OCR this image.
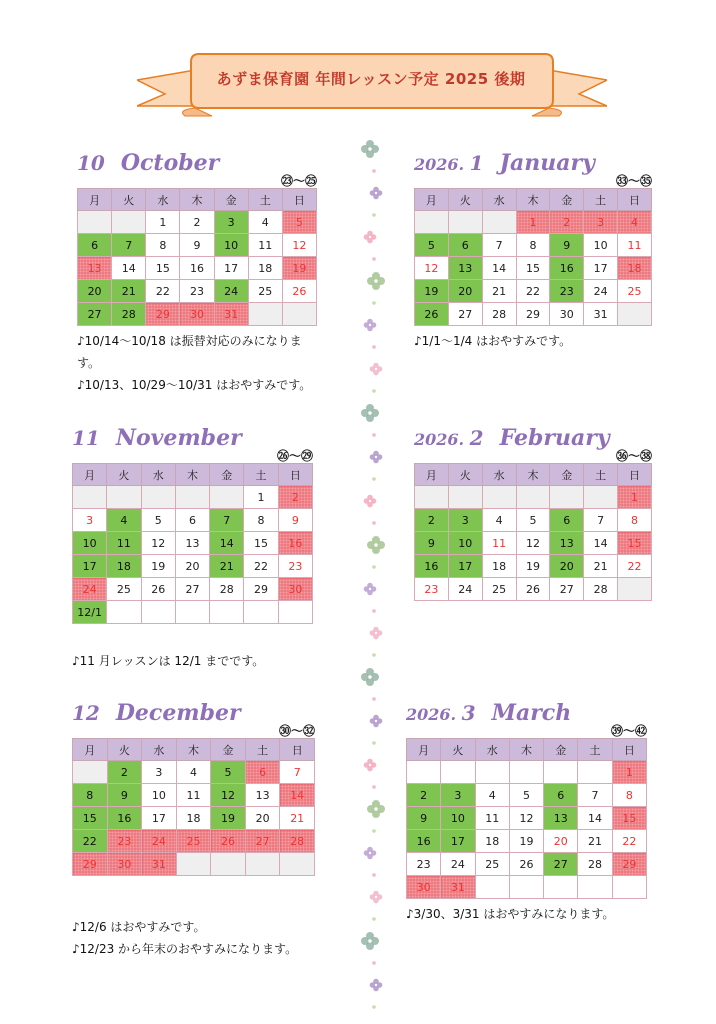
あずま保育園 年間レッスン予定 2025 後期
10 October
㉓～㉕
月	火	水	木	金	土	日
		1	2	3	4	5
6	7	8	9	10	11	12
13	14	15	16	17	18	19
20	21	22	23	24	25	26
27	28	29	30	31		
♪10/14～10/18 は振替対応のみになります。
♪10/13、10/29～10/31 はおやすみです。
2026. 1 January
㉝～㉟
月	火	水	木	金	土	日
			1	2	3	4
5	6	7	8	9	10	11
12	13	14	15	16	17	18
19	20	21	22	23	24	25
26	27	28	29	30	31	
♪1/1～1/4 はおやすみです。
11 November
㉖～㉙
月	火	水	木	金	土	日
					1	2
3	4	5	6	7	8	9
10	11	12	13	14	15	16
17	18	19	20	21	22	23
24	25	26	27	28	29	30
12/1						
♪11 月レッスンは 12/1 までです。
2026. 2 February
㊱～㊳
月	火	水	木	金	土	日
						1
2	3	4	5	6	7	8
9	10	11	12	13	14	15
16	17	18	19	20	21	22
23	24	25	26	27	28	
12 December
㉚～㉜
月	火	水	木	金	土	日
	2	3	4	5	6	7
8	9	10	11	12	13	14
15	16	17	18	19	20	21
22	23	24	25	26	27	28
29	30	31				
♪12/6 はおやすみです。
♪12/23 から年末のおやすみになります。
2026. 3 March
㊴～㊷
月	火	水	木	金	土	日
						1
2	3	4	5	6	7	8
9	10	11	12	13	14	15
16	17	18	19	20	21	22
23	24	25	26	27	28	29
30	31					
♪3/30、3/31 はおやすみになります。
